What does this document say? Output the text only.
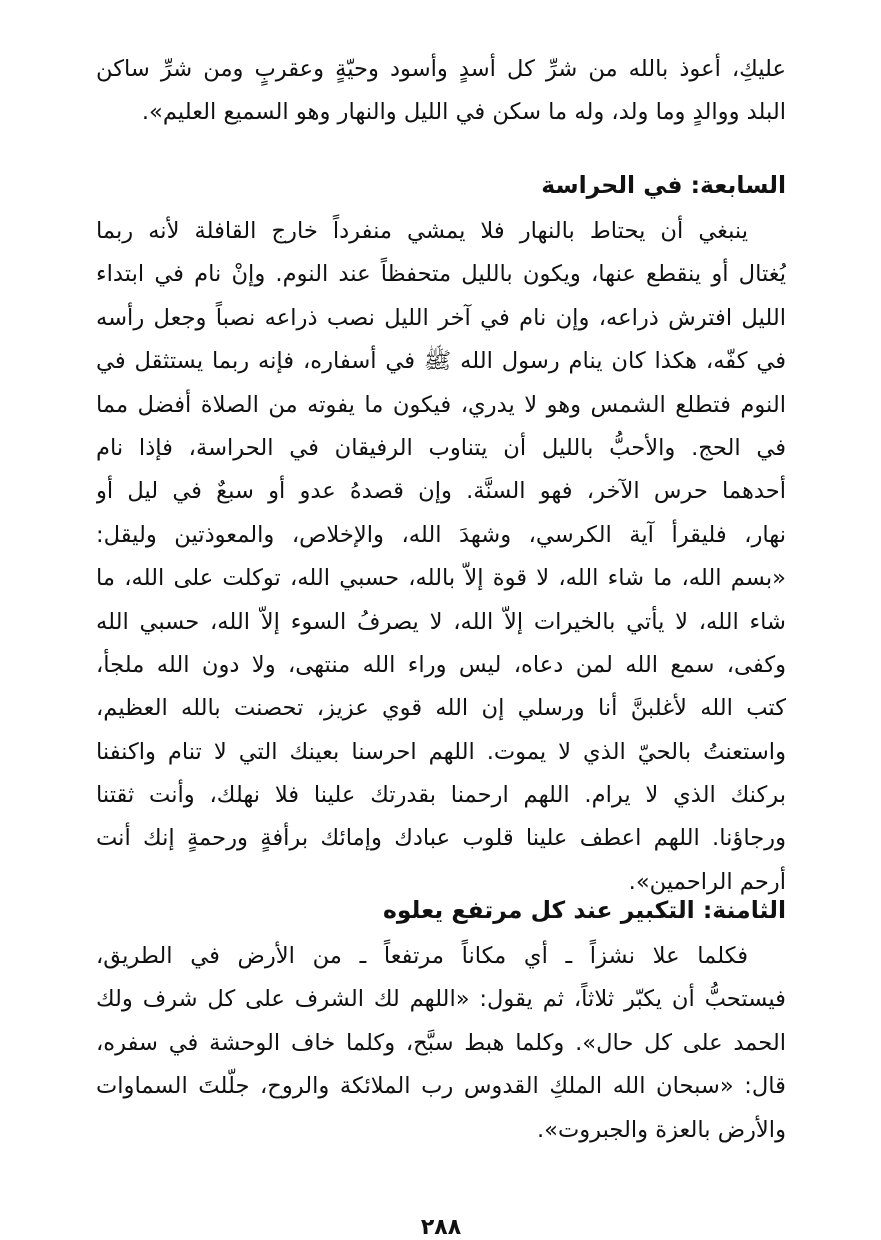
عليكِ، أعوذ بالله من شرِّ كل أسدٍ وأسود وحيّةٍ وعقربٍ ومن شرِّ ساكن
البلد ووالدٍ وما ولد، وله ما سكن في الليل والنهار وهو السميع العليم».
السابعة: في الحراسة
ينبغي أن يحتاط بالنهار فلا يمشي منفرداً خارج القافلة لأنه ربما
يُغتال أو ينقطع عنها، ويكون بالليل متحفظاً عند النوم. وإنْ نام في ابتداء
الليل افترش ذراعه، وإن نام في آخر الليل نصب ذراعه نصباً وجعل رأسه
في كفّه، هكذا كان ينام رسول الله ﷺ في أسفاره، فإنه ربما يستثقل في
النوم فتطلع الشمس وهو لا يدري، فيكون ما يفوته من الصلاة أفضل مما
في الحج. والأحبُّ بالليل أن يتناوب الرفيقان في الحراسة، فإذا نام
أحدهما حرس الآخر، فهو السنَّة. وإن قصدهُ عدو أو سبعٌ في ليل أو
نهار، فليقرأ آية الكرسي، وشهدَ الله، والإخلاص، والمعوذتين وليقل:
«بسم الله، ما شاء الله، لا قوة إلاّ بالله، حسبي الله، توكلت على الله، ما
شاء الله، لا يأتي بالخيرات إلاّ الله، لا يصرفُ السوء إلاّ الله، حسبي الله
وكفى، سمع الله لمن دعاه، ليس وراء الله منتهى، ولا دون الله ملجأ،
كتب الله لأغلبنَّ أنا ورسلي إن الله قوي عزيز، تحصنت بالله العظيم،
واستعنتُ بالحيّ الذي لا يموت. اللهم احرسنا بعينك التي لا تنام واكنفنا
بركنك الذي لا يرام. اللهم ارحمنا بقدرتك علينا فلا نهلك، وأنت ثقتنا
ورجاؤنا. اللهم اعطف علينا قلوب عبادك وإمائك برأفةٍ ورحمةٍ إنك أنت
أرحم الراحمين».
الثامنة: التكبير عند كل مرتفع يعلوه
فكلما علا نشزاً ـ أي مكاناً مرتفعاً ـ من الأرض في الطريق،
فيستحبُّ أن يكبّر ثلاثاً، ثم يقول: «اللهم لك الشرف على كل شرف ولك
الحمد على كل حال». وكلما هبط سبَّح، وكلما خاف الوحشة في سفره،
قال: «سبحان الله الملكِ القدوس رب الملائكة والروح، جلّلتَ السماوات
والأرض بالعزة والجبروت».
٢٨٨
